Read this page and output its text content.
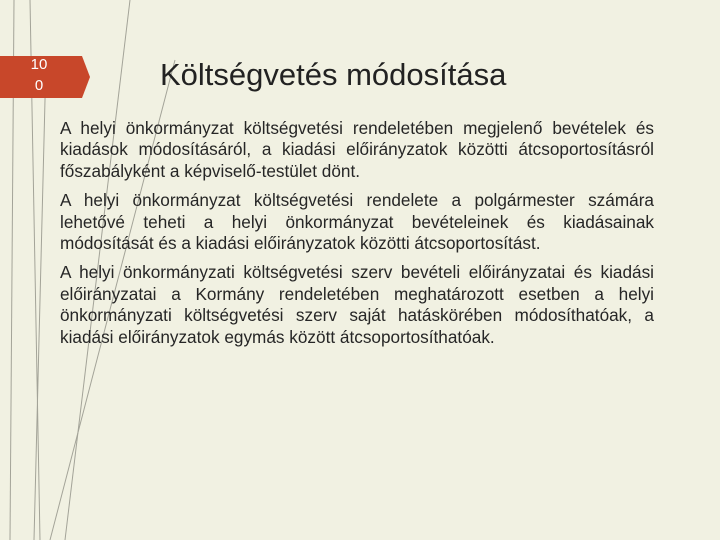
10
0	Költségvetés módosítása

A helyi önkormányzat költségvetési rendeletében megjelenő bevételek és kiadások módosításáról, a kiadási előirányzatok közötti átcsoportosításról főszabályként a képviselő-testület dönt.

A helyi önkormányzat költségvetési rendelete a polgármester számára lehetővé teheti a helyi önkormányzat bevételeinek és kiadásainak módosítását és a kiadási előirányzatok közötti átcsoportosítást.

A helyi önkormányzati költségvetési szerv bevételi előirányzatai és kiadási előirányzatai a Kormány rendeletében meghatározott esetben a helyi önkormányzati költségvetési szerv saját hatáskörében módosíthatóak, a kiadási előirányzatok egymás között átcsoportosíthatóak.
